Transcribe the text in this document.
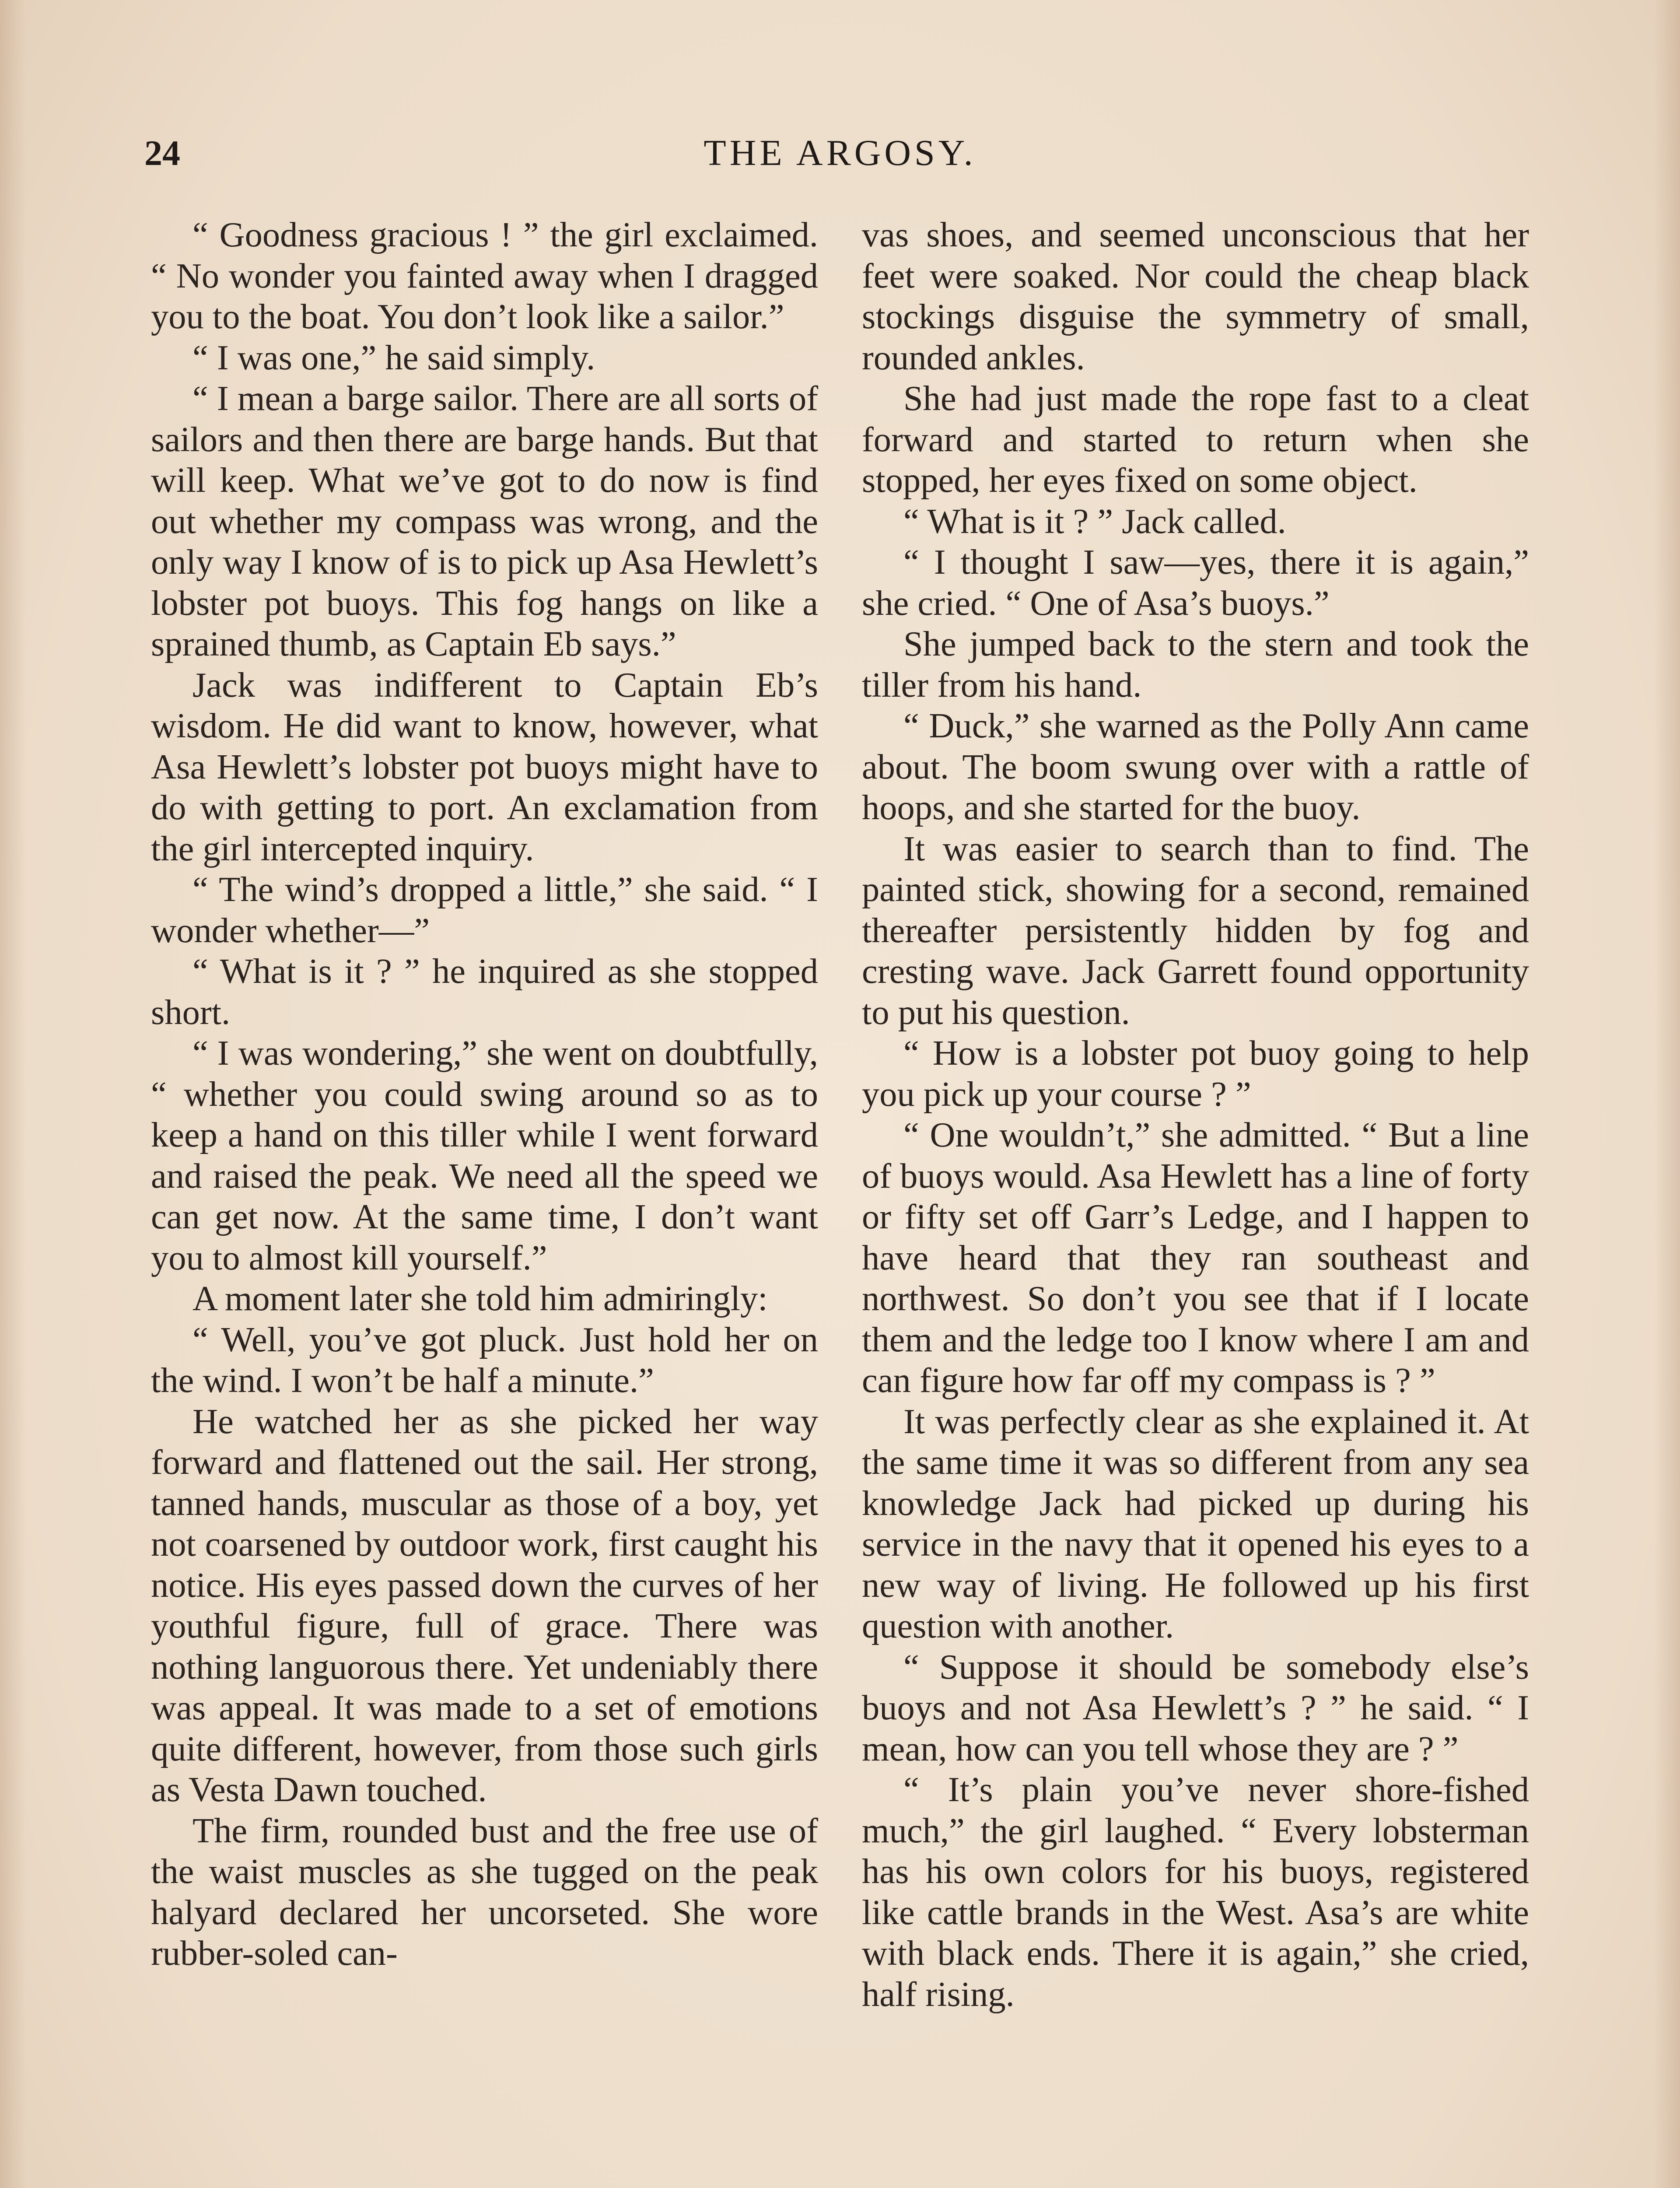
24	THE ARGOSY.

“ Goodness gracious ! ” the girl exclaimed. “ No wonder you fainted away when I dragged you to the boat. You don’t look like a sailor.”

“ I was one,” he said simply.

“ I mean a barge sailor. There are all sorts of sailors and then there are barge hands. But that will keep. What we’ve got to do now is find out whether my compass was wrong, and the only way I know of is to pick up Asa Hewlett’s lobster pot buoys. This fog hangs on like a sprained thumb, as Captain Eb says.”

Jack was indifferent to Captain Eb’s wisdom. He did want to know, however, what Asa Hewlett’s lobster pot buoys might have to do with getting to port. An exclamation from the girl intercepted inquiry.

“ The wind’s dropped a little,” she said. “ I wonder whether—”

“ What is it ? ” he inquired as she stopped short.

“ I was wondering,” she went on doubtfully, “ whether you could swing around so as to keep a hand on this tiller while I went forward and raised the peak. We need all the speed we can get now. At the same time, I don’t want you to almost kill yourself.”

A moment later she told him admiringly:

“ Well, you’ve got pluck. Just hold her on the wind. I won’t be half a minute.”

He watched her as she picked her way forward and flattened out the sail. Her strong, tanned hands, muscular as those of a boy, yet not coarsened by outdoor work, first caught his notice. His eyes passed down the curves of her youthful figure, full of grace. There was nothing languorous there. Yet undeniably there was appeal. It was made to a set of emotions quite different, however, from those such girls as Vesta Dawn touched.

The firm, rounded bust and the free use of the waist muscles as she tugged on the peak halyard declared her uncorseted. She wore rubber-soled can-

vas shoes, and seemed unconscious that her feet were soaked. Nor could the cheap black stockings disguise the symmetry of small, rounded ankles.

She had just made the rope fast to a cleat forward and started to return when she stopped, her eyes fixed on some object.

“ What is it ? ” Jack called.

“ I thought I saw—yes, there it is again,” she cried. “ One of Asa’s buoys.”

She jumped back to the stern and took the tiller from his hand.

“ Duck,” she warned as the Polly Ann came about. The boom swung over with a rattle of hoops, and she started for the buoy.

It was easier to search than to find. The painted stick, showing for a second, remained thereafter persistently hidden by fog and cresting wave. Jack Garrett found opportunity to put his question.

“ How is a lobster pot buoy going to help you pick up your course ? ”

“ One wouldn’t,” she admitted. “ But a line of buoys would. Asa Hewlett has a line of forty or fifty set off Garr’s Ledge, and I happen to have heard that they ran southeast and northwest. So don’t you see that if I locate them and the ledge too I know where I am and can figure how far off my compass is ? ”

It was perfectly clear as she explained it. At the same time it was so different from any sea knowledge Jack had picked up during his service in the navy that it opened his eyes to a new way of living. He followed up his first question with another.

“ Suppose it should be somebody else’s buoys and not Asa Hewlett’s ? ” he said. “ I mean, how can you tell whose they are ? ”

“ It’s plain you’ve never shore-fished much,” the girl laughed. “ Every lobsterman has his own colors for his buoys, registered like cattle brands in the West. Asa’s are white with black ends. There it is again,” she cried, half rising.
